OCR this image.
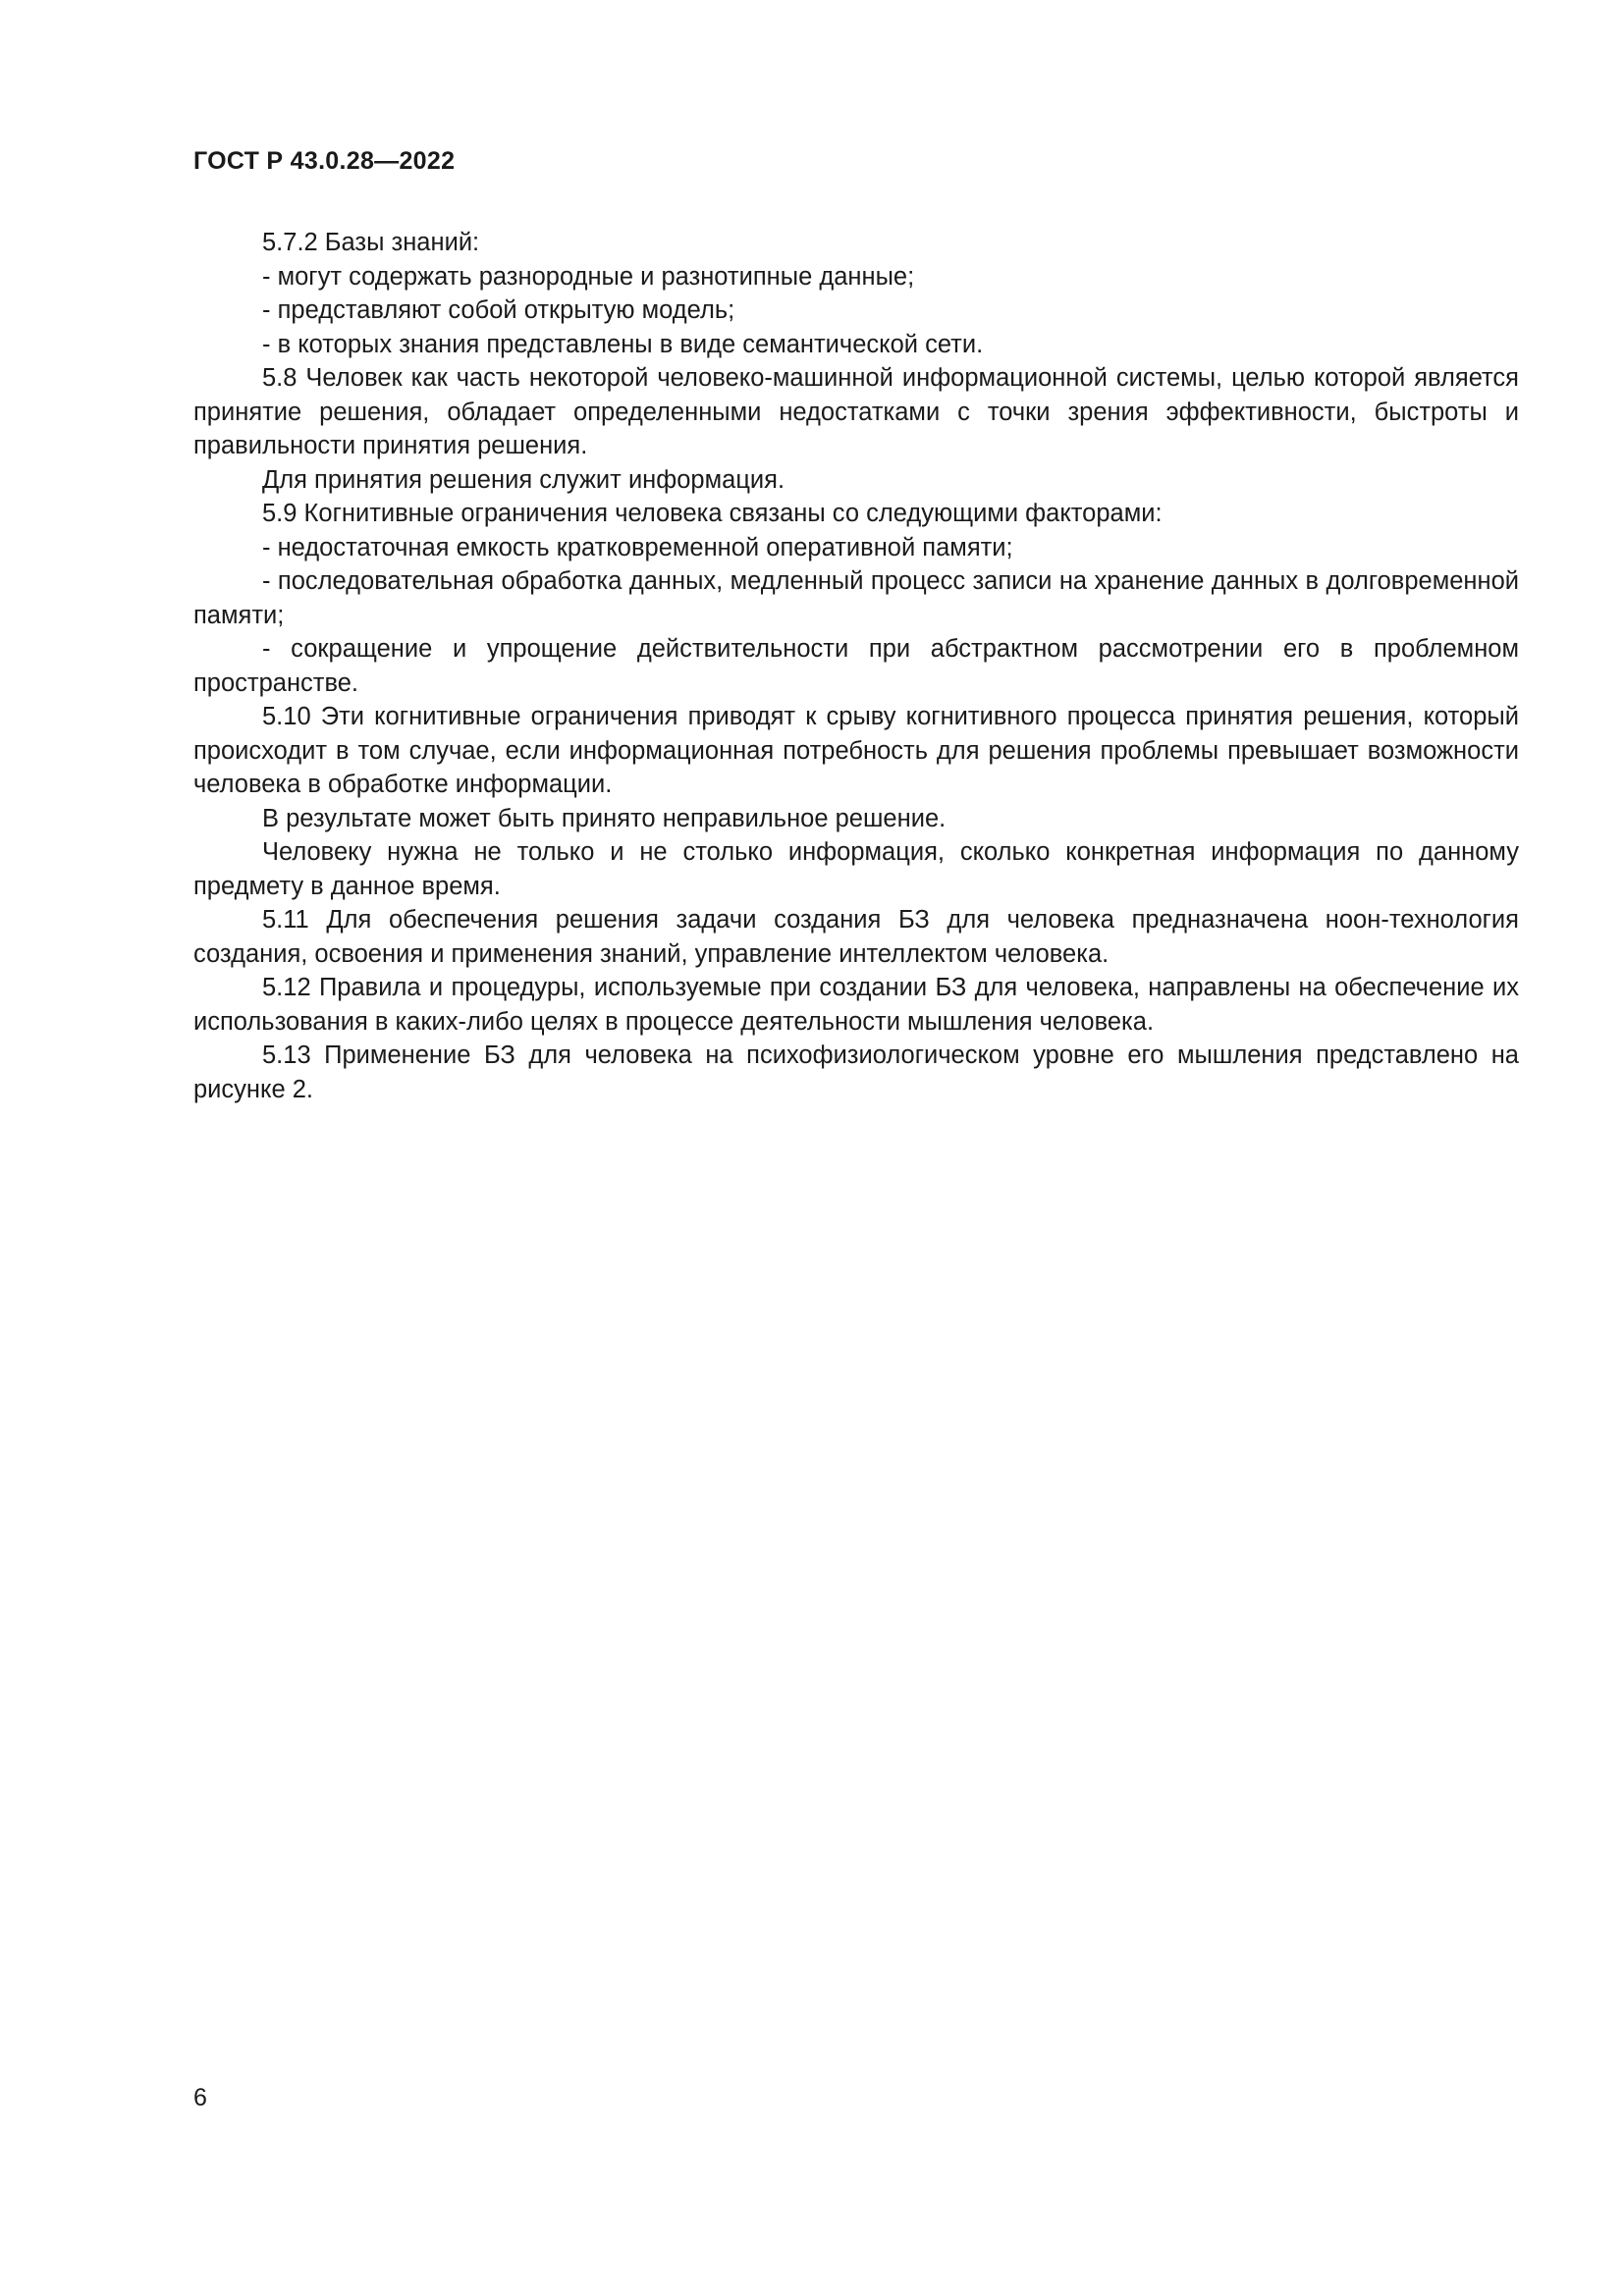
ГОСТ Р 43.0.28—2022

5.7.2 Базы знаний:

- могут содержать разнородные и разнотипные данные;

- представляют собой открытую модель;

- в которых знания представлены в виде семантической сети.

5.8 Человек как часть некоторой человеко-машинной информационной системы, целью которой является принятие решения, обладает определенными недостатками с точки зрения эффективности, быстроты и правильности принятия решения.

Для принятия решения служит информация.

5.9 Когнитивные ограничения человека связаны со следующими факторами:

- недостаточная емкость кратковременной оперативной памяти;

- последовательная обработка данных, медленный процесс записи на хранение данных в долговременной памяти;

- сокращение и упрощение действительности при абстрактном рассмотрении его в проблемном пространстве.

5.10 Эти когнитивные ограничения приводят к срыву когнитивного процесса принятия решения, который происходит в том случае, если информационная потребность для решения проблемы превышает возможности человека в обработке информации.

В результате может быть принято неправильное решение.

Человеку нужна не только и не столько информация, сколько конкретная информация по данному предмету в данное время.

5.11 Для обеспечения решения задачи создания БЗ для человека предназначена ноон-технология создания, освоения и применения знаний, управление интеллектом человека.

5.12 Правила и процедуры, используемые при создании БЗ для человека, направлены на обеспечение их использования в каких-либо целях в процессе деятельности мышления человека.

5.13 Применение БЗ для человека на психофизиологическом уровне его мышления представлено на рисунке 2.

6
